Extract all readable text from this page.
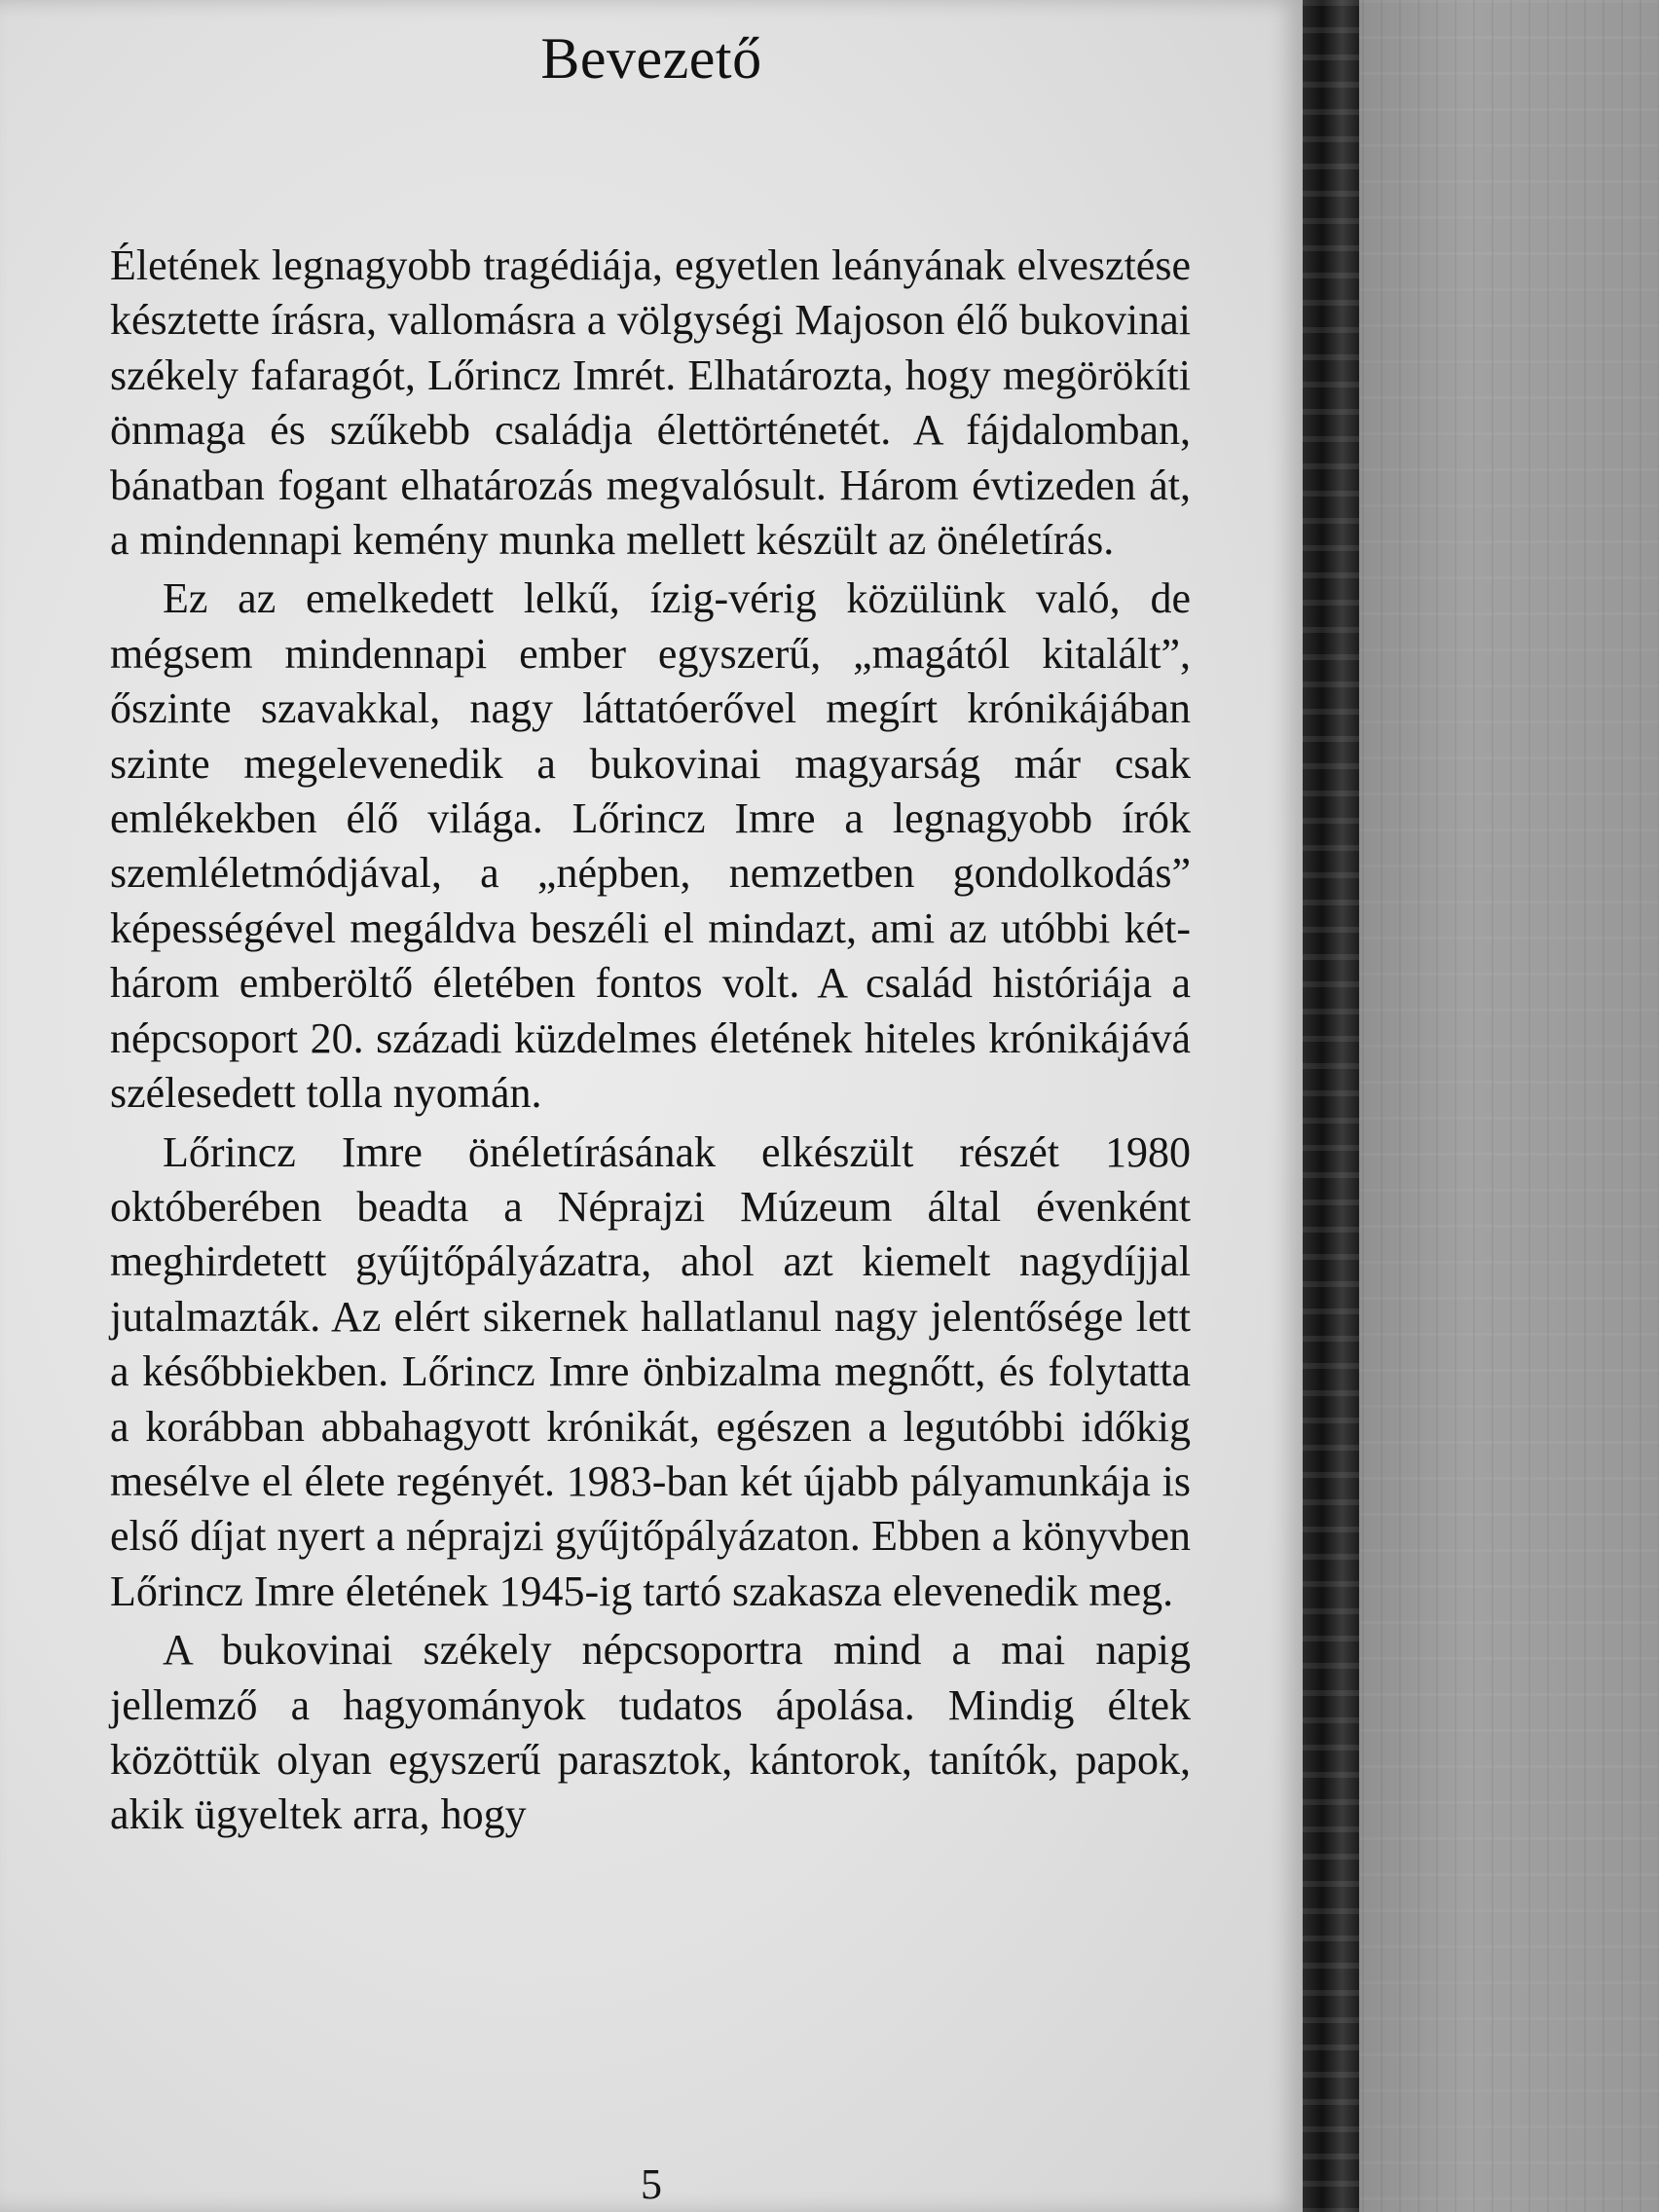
Bevezető

Életének legnagyobb tragédiája, egyetlen leányának elvesztése késztette írásra, vallomásra a völgységi Majoson élő bukovinai székely fafaragót, Lőrincz Imrét. Elhatározta, hogy megörökíti önmaga és szűkebb családja élettörténetét. A fájdalomban, bánatban fogant elhatározás megvalósult. Három évtizeden át, a mindennapi kemény munka mellett készült az önéletírás.

Ez az emelkedett lelkű, ízig-vérig közülünk való, de mégsem mindennapi ember egyszerű, „magától kitalált”, őszinte szavakkal, nagy láttatóerővel megírt krónikájában szinte megelevenedik a bukovinai magyarság már csak emlékekben élő világa. Lőrincz Imre a legnagyobb írók szemléletmódjával, a „népben, nemzetben gondolkodás” képességével megáldva beszéli el mindazt, ami az utóbbi két-három emberöltő életében fontos volt. A család históriája a népcsoport 20. századi küzdelmes életének hiteles krónikájává szélesedett tolla nyomán.

Lőrincz Imre önéletírásának elkészült részét 1980 októberében beadta a Néprajzi Múzeum által évenként meghirdetett gyűjtőpályázatra, ahol azt kiemelt nagydíjjal jutalmazták. Az elért sikernek hallatlanul nagy jelentősége lett a későbbiekben. Lőrincz Imre önbizalma megnőtt, és folytatta a korábban abbahagyott krónikát, egészen a legutóbbi időkig mesélve el élete regényét. 1983-ban két újabb pályamunkája is első díjat nyert a néprajzi gyűjtőpályázaton. Ebben a könyvben Lőrincz Imre életének 1945-ig tartó szakasza elevenedik meg.

A bukovinai székely népcsoportra mind a mai napig jellemző a hagyományok tudatos ápolása. Mindig éltek közöttük olyan egyszerű parasztok, kántorok, tanítók, papok, akik ügyeltek arra, hogy

5
